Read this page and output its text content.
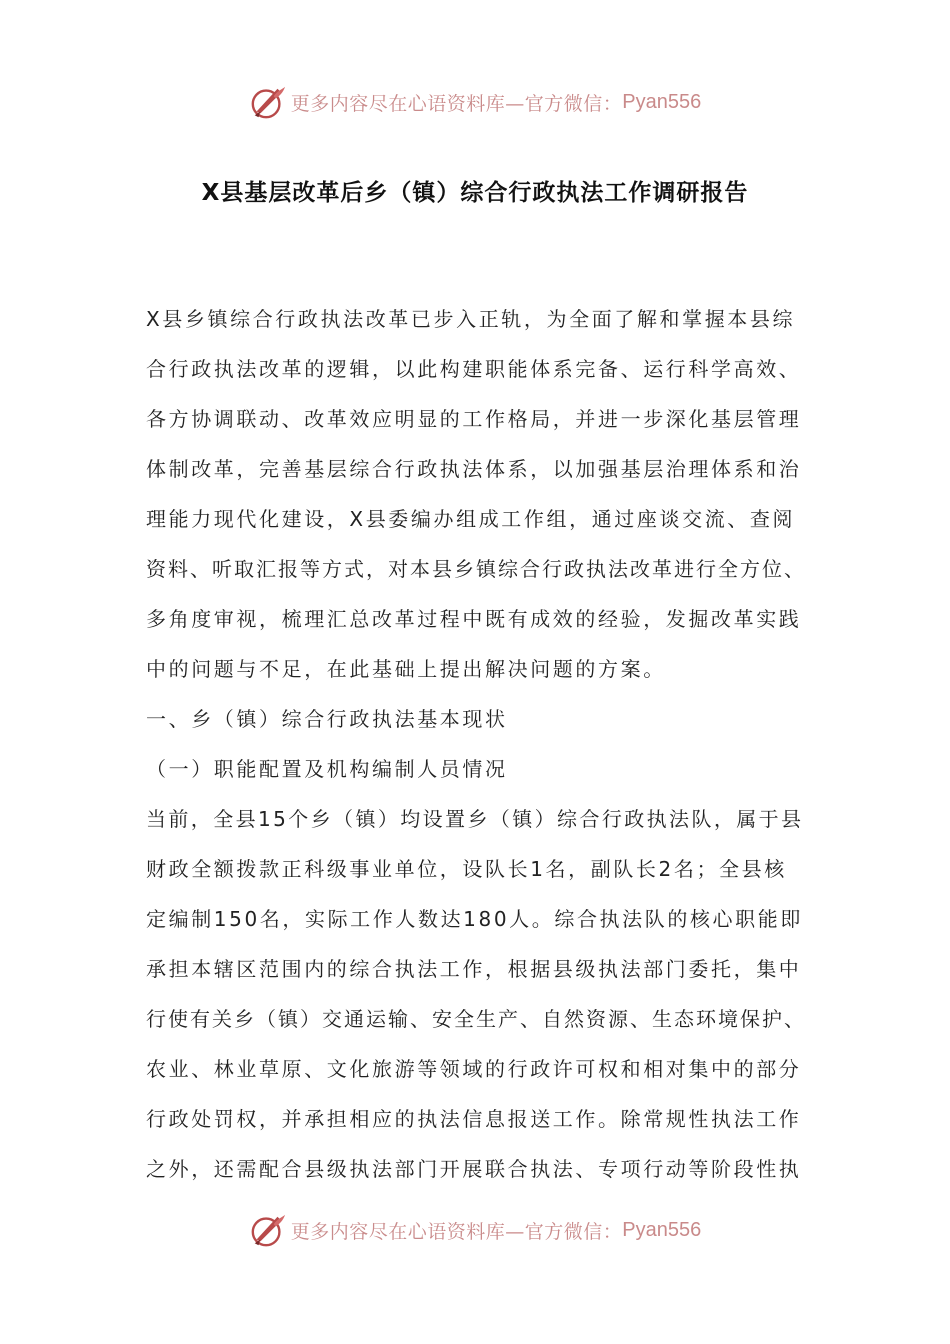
更多内容尽在心语资料库—官方微信： Pyan556
X县基层改革后乡（镇）综合行政执法工作调研报告
X县乡镇综合行政执法改革已步入正轨，为全面了解和掌握本县综
合行政执法改革的逻辑，以此构建职能体系完备、运行科学高效、
各方协调联动、改革效应明显的工作格局，并进一步深化基层管理
体制改革，完善基层综合行政执法体系，以加强基层治理体系和治
理能力现代化建设，X县委编办组成工作组，通过座谈交流、查阅
资料、听取汇报等方式，对本县乡镇综合行政执法改革进行全方位、
多角度审视，梳理汇总改革过程中既有成效的经验，发掘改革实践
中的问题与不足，在此基础上提出解决问题的方案。
一、乡（镇）综合行政执法基本现状
（一）职能配置及机构编制人员情况
当前，全县15个乡（镇）均设置乡（镇）综合行政执法队，属于县
财政全额拨款正科级事业单位，设队长1名，副队长2名；全县核
定编制150名，实际工作人数达180人。综合执法队的核心职能即
承担本辖区范围内的综合执法工作，根据县级执法部门委托，集中
行使有关乡（镇）交通运输、安全生产、自然资源、生态环境保护、
农业、林业草原、文化旅游等领域的行政许可权和相对集中的部分
行政处罚权，并承担相应的执法信息报送工作。除常规性执法工作
之外，还需配合县级执法部门开展联合执法、专项行动等阶段性执
更多内容尽在心语资料库—官方微信： Pyan556
